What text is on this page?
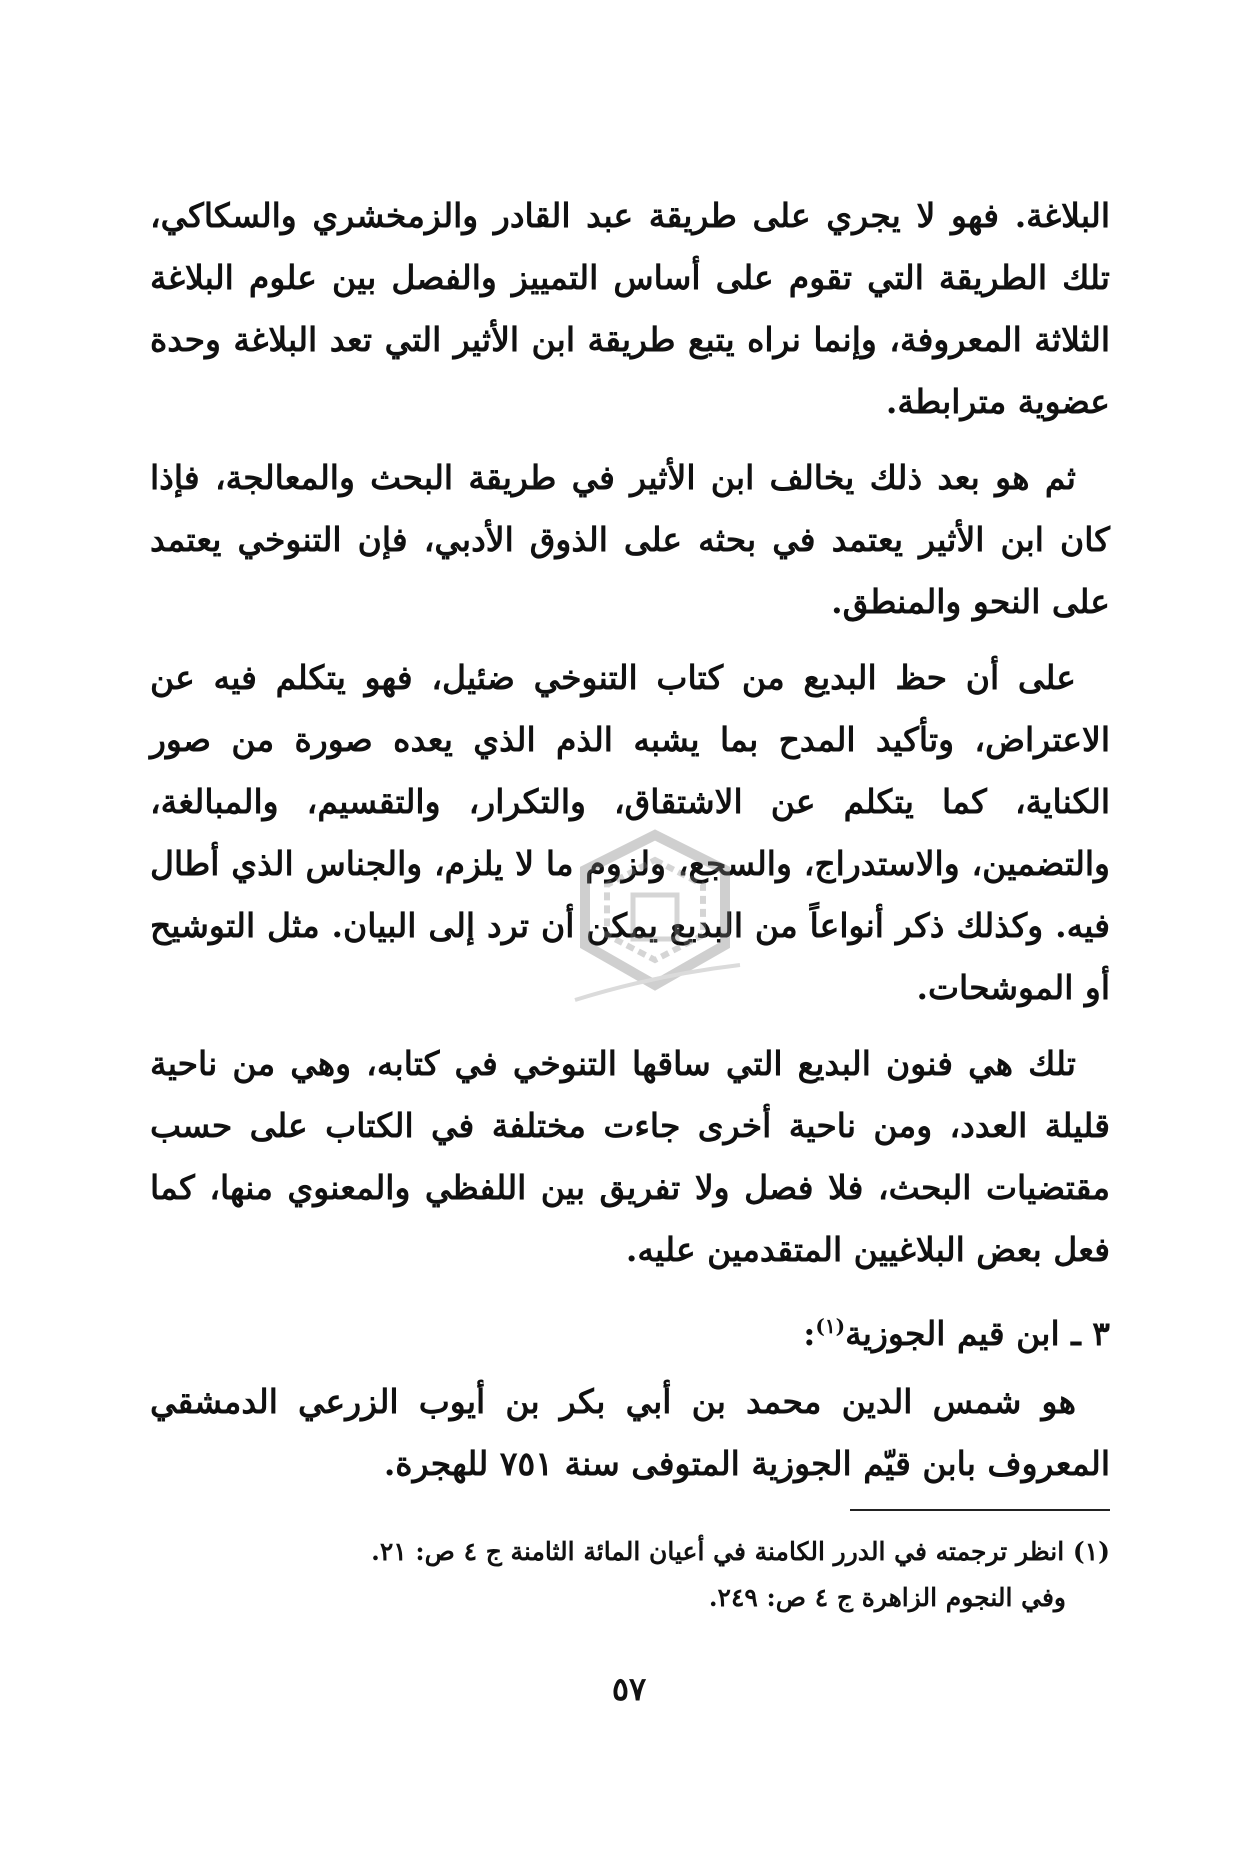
البلاغة. فهو لا يجري على طريقة عبد القادر والزمخشري والسكاكي، تلك الطريقة التي تقوم على أساس التمييز والفصل بين علوم البلاغة الثلاثة المعروفة، وإنما نراه يتبع طريقة ابن الأثير التي تعد البلاغة وحدة عضوية مترابطة.

ثم هو بعد ذلك يخالف ابن الأثير في طريقة البحث والمعالجة، فإذا كان ابن الأثير يعتمد في بحثه على الذوق الأدبي، فإن التنوخي يعتمد على النحو والمنطق.

على أن حظ البديع من كتاب التنوخي ضئيل، فهو يتكلم فيه عن الاعتراض، وتأكيد المدح بما يشبه الذم الذي يعده صورة من صور الكناية، كما يتكلم عن الاشتقاق، والتكرار، والتقسيم، والمبالغة، والتضمين، والاستدراج، والسجع، ولزوم ما لا يلزم، والجناس الذي أطال فيه. وكذلك ذكر أنواعاً من البديع يمكن أن ترد إلى البيان. مثل التوشيح أو الموشحات.

تلك هي فنون البديع التي ساقها التنوخي في كتابه، وهي من ناحية قليلة العدد، ومن ناحية أخرى جاءت مختلفة في الكتاب على حسب مقتضيات البحث، فلا فصل ولا تفريق بين اللفظي والمعنوي منها، كما فعل بعض البلاغيين المتقدمين عليه.

٣ ـ ابن قيم الجوزية$^{(١)}$:

هو شمس الدين محمد بن أبي بكر بن أيوب الزرعي الدمشقي المعروف بابن قيّم الجوزية المتوفى سنة ٧٥١ للهجرة.

(١) انظر ترجمته في الدرر الكامنة في أعيان المائة الثامنة ج ٤ ص: ٢١.

وفي النجوم الزاهرة ج ٤ ص: ٢٤٩.

٥٧
